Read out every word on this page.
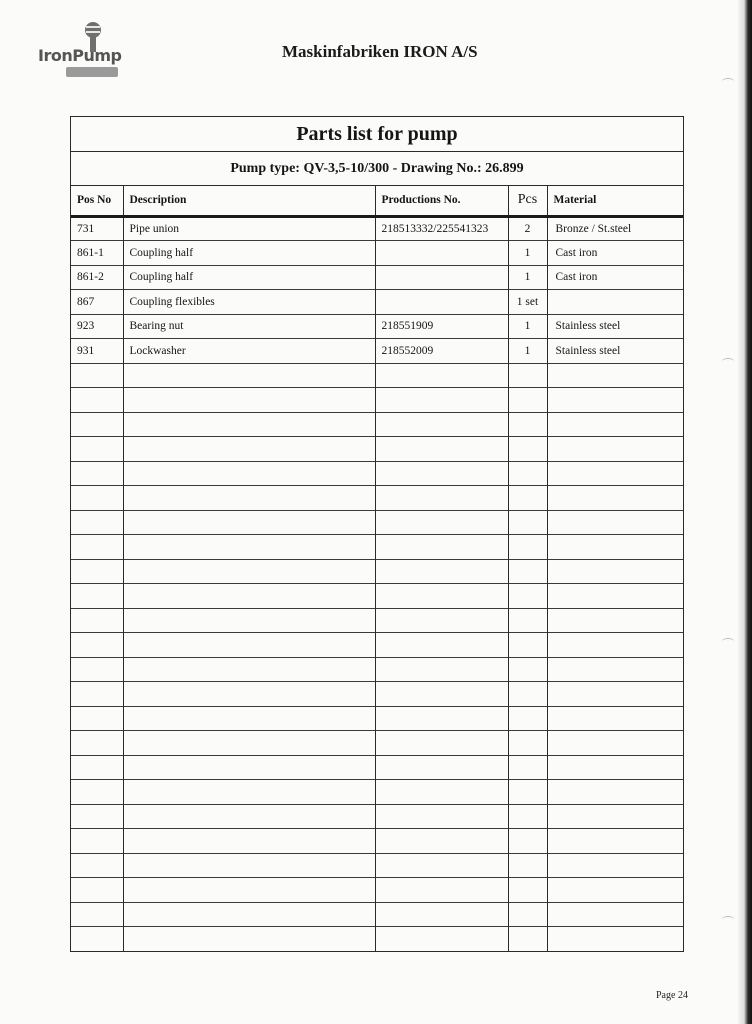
IronPump	Maskinfabriken IRON A/S
Parts list for pump
Pump type: QV-3,5-10/300 - Drawing No.: 26.899
Pos No	Description	Productions No.	Pcs	Material
731	Pipe union	218513332/225541323	2	Bronze / St.steel
861-1	Coupling half		1	Cast iron
861-2	Coupling half		1	Cast iron
867	Coupling flexibles		1 set	
923	Bearing nut	218551909	1	Stainless steel
931	Lockwasher	218552009	1	Stainless steel

Page 24
